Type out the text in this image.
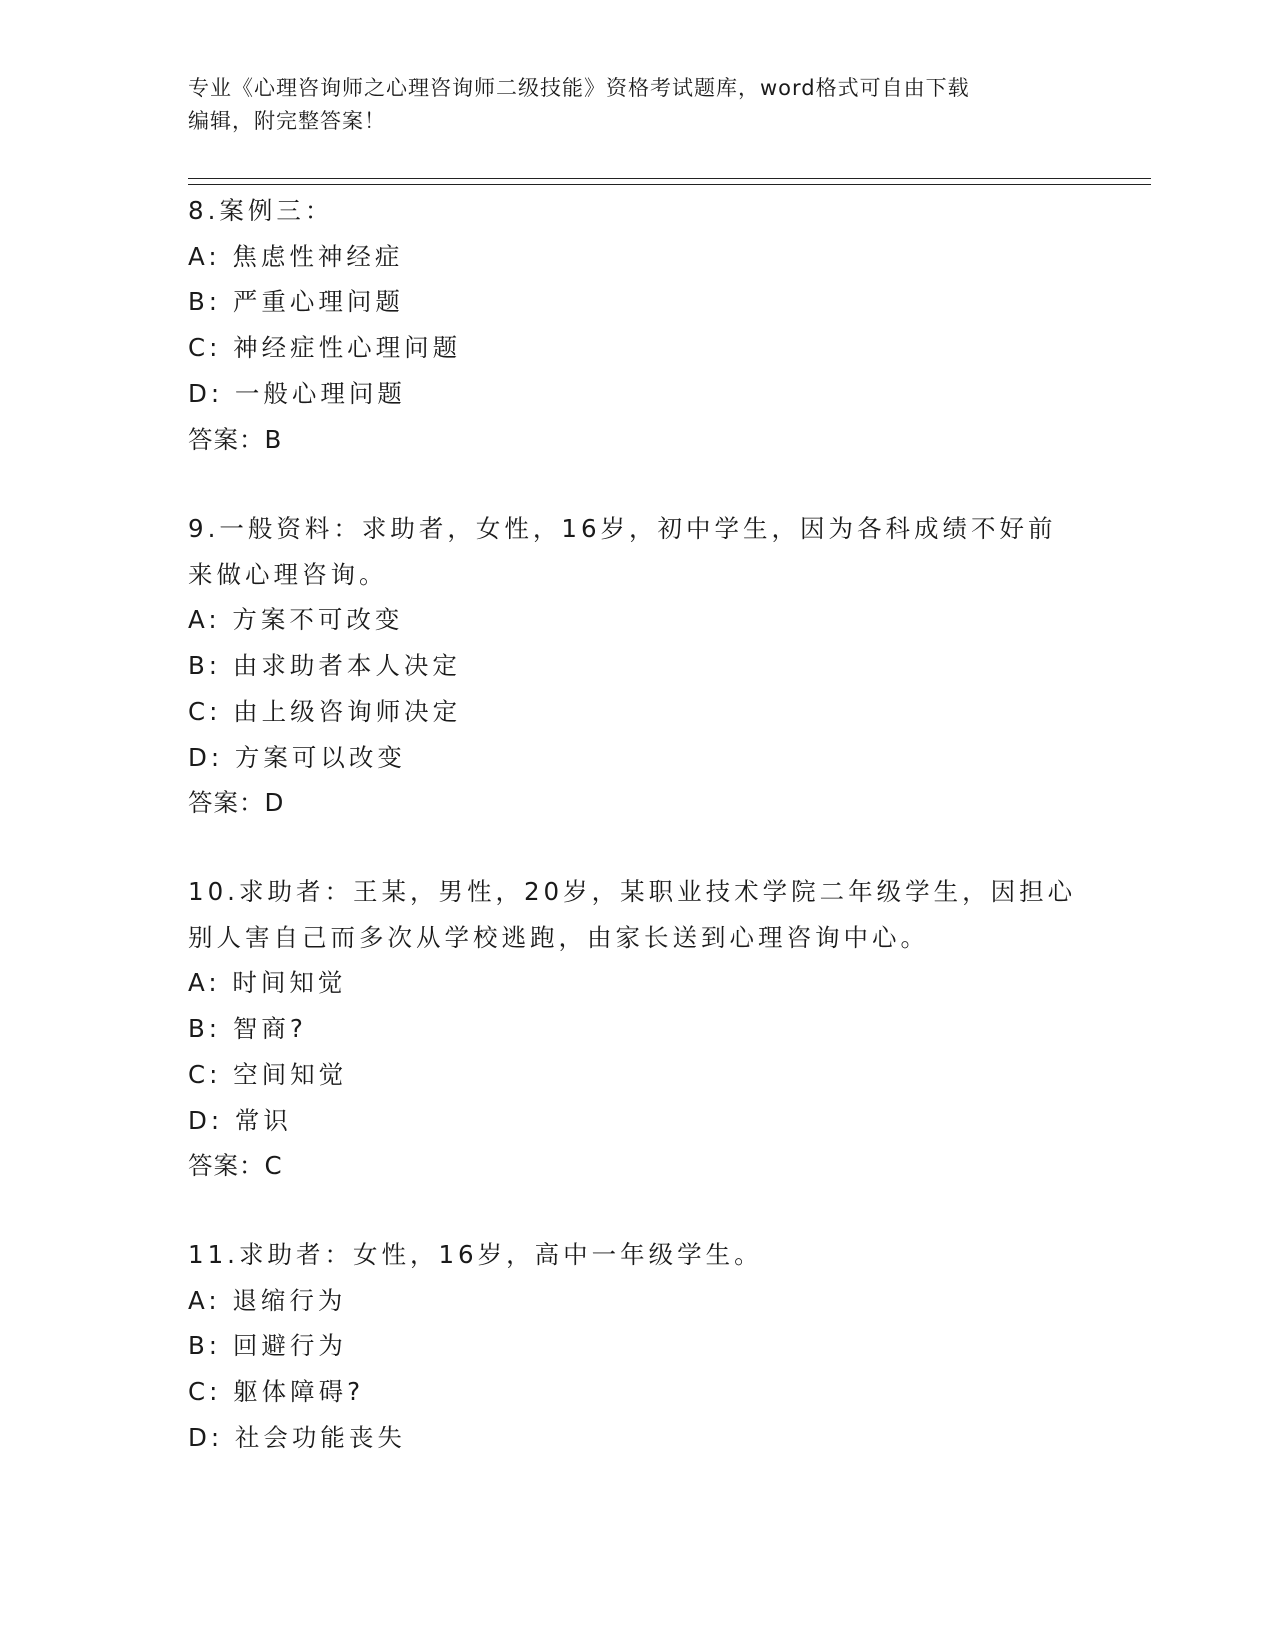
专业《心理咨询师之心理咨询师二级技能》资格考试题库，word格式可自由下载
编辑，附完整答案！
8.案例三：
A: 焦虑性神经症
B: 严重心理问题
C: 神经症性心理问题
D: 一般心理问题
答案：B
9.一般资料：求助者，女性，16岁，初中学生，因为各科成绩不好前
来做心理咨询。
A: 方案不可改变
B: 由求助者本人决定
C: 由上级咨询师决定
D: 方案可以改变
答案：D
10.求助者：王某，男性，20岁，某职业技术学院二年级学生，因担心
别人害自己而多次从学校逃跑，由家长送到心理咨询中心。
A: 时间知觉
B: 智商?
C: 空间知觉
D: 常识
答案：C
11.求助者：女性，16岁，高中一年级学生。
A: 退缩行为
B: 回避行为
C: 躯体障碍?
D: 社会功能丧失
